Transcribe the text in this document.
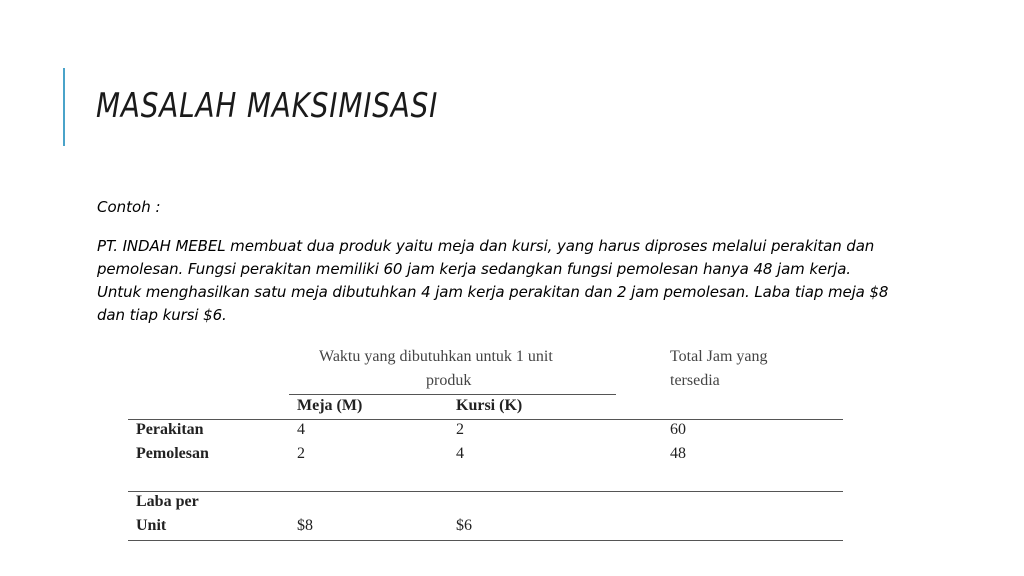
MASALAH MAKSIMISASI
Contoh :
PT. INDAH MEBEL membuat dua produk yaitu meja dan kursi, yang harus diproses melalui perakitan dan pemolesan. Fungsi perakitan memiliki 60 jam kerja sedangkan fungsi pemolesan hanya 48 jam kerja. Untuk menghasilkan satu meja dibutuhkan 4 jam kerja perakitan dan 2 jam pemolesan. Laba tiap meja $8 dan tiap kursi $6.
Waktu yang dibutuhkan untuk 1 unit
produk
Total Jam yang
tersedia
Meja (M)	Kursi (K)
Perakitan	4	2	60
Pemolesan	2	4	48
Laba per
Unit	$8	$6
